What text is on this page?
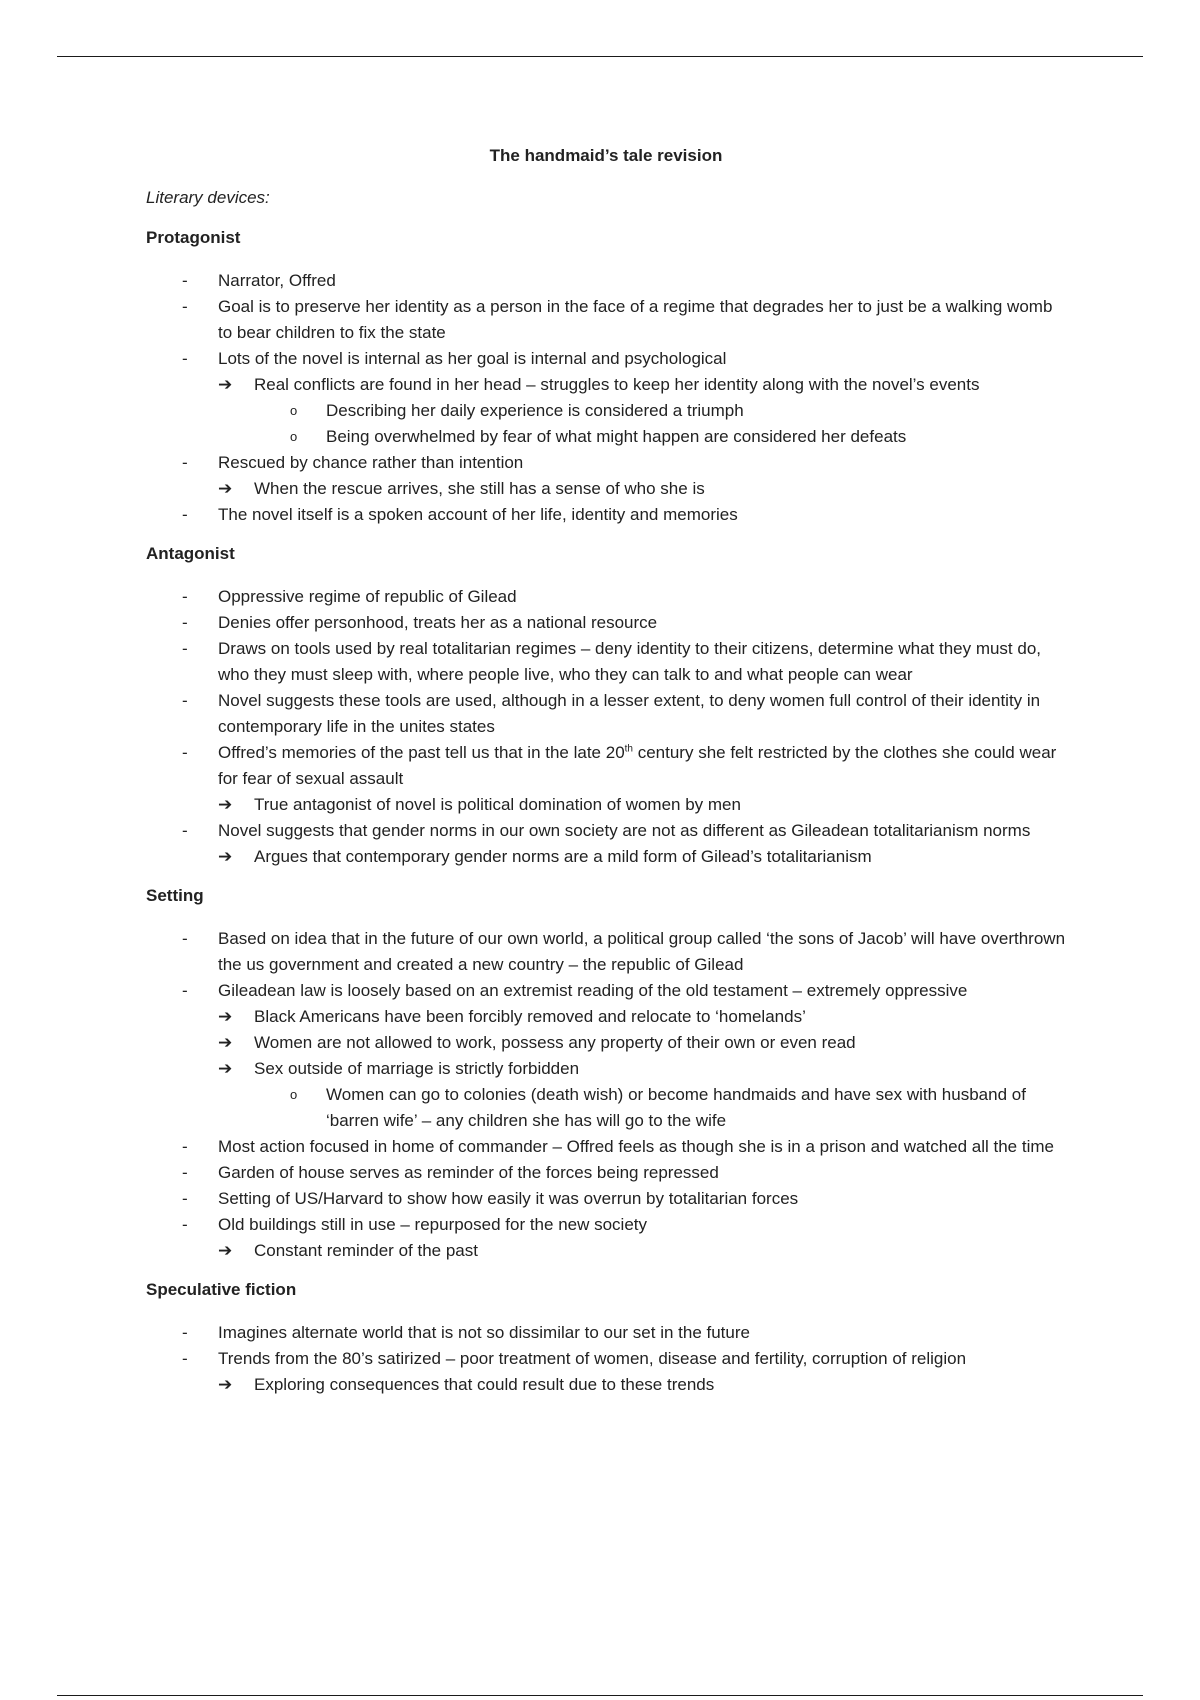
The handmaid’s tale revision
Literary devices:
Protagonist
- Narrator, Offred
- Goal is to preserve her identity as a person in the face of a regime that degrades her to just be a walking womb to bear children to fix the state
- Lots of the novel is internal as her goal is internal and psychological
➔ Real conflicts are found in her head – struggles to keep her identity along with the novel’s events
o Describing her daily experience is considered a triumph
o Being overwhelmed by fear of what might happen are considered her defeats
- Rescued by chance rather than intention
➔ When the rescue arrives, she still has a sense of who she is
- The novel itself is a spoken account of her life, identity and memories
Antagonist
- Oppressive regime of republic of Gilead
- Denies offer personhood, treats her as a national resource
- Draws on tools used by real totalitarian regimes – deny identity to their citizens, determine what they must do, who they must sleep with, where people live, who they can talk to and what people can wear
- Novel suggests these tools are used, although in a lesser extent, to deny women full control of their identity in contemporary life in the unites states
- Offred’s memories of the past tell us that in the late 20th century she felt restricted by the clothes she could wear for fear of sexual assault
➔ True antagonist of novel is political domination of women by men
- Novel suggests that gender norms in our own society are not as different as Gileadean totalitarianism norms
➔ Argues that contemporary gender norms are a mild form of Gilead’s totalitarianism
Setting
- Based on idea that in the future of our own world, a political group called ‘the sons of Jacob’ will have overthrown the us government and created a new country – the republic of Gilead
- Gileadean law is loosely based on an extremist reading of the old testament – extremely oppressive
➔ Black Americans have been forcibly removed and relocate to ‘homelands’
➔ Women are not allowed to work, possess any property of their own or even read
➔ Sex outside of marriage is strictly forbidden
o Women can go to colonies (death wish) or become handmaids and have sex with husband of ‘barren wife’ – any children she has will go to the wife
- Most action focused in home of commander – Offred feels as though she is in a prison and watched all the time
- Garden of house serves as reminder of the forces being repressed
- Setting of US/Harvard to show how easily it was overrun by totalitarian forces
- Old buildings still in use – repurposed for the new society
➔ Constant reminder of the past
Speculative fiction
- Imagines alternate world that is not so dissimilar to our set in the future
- Trends from the 80’s satirized – poor treatment of women, disease and fertility, corruption of religion
➔ Exploring consequences that could result due to these trends
